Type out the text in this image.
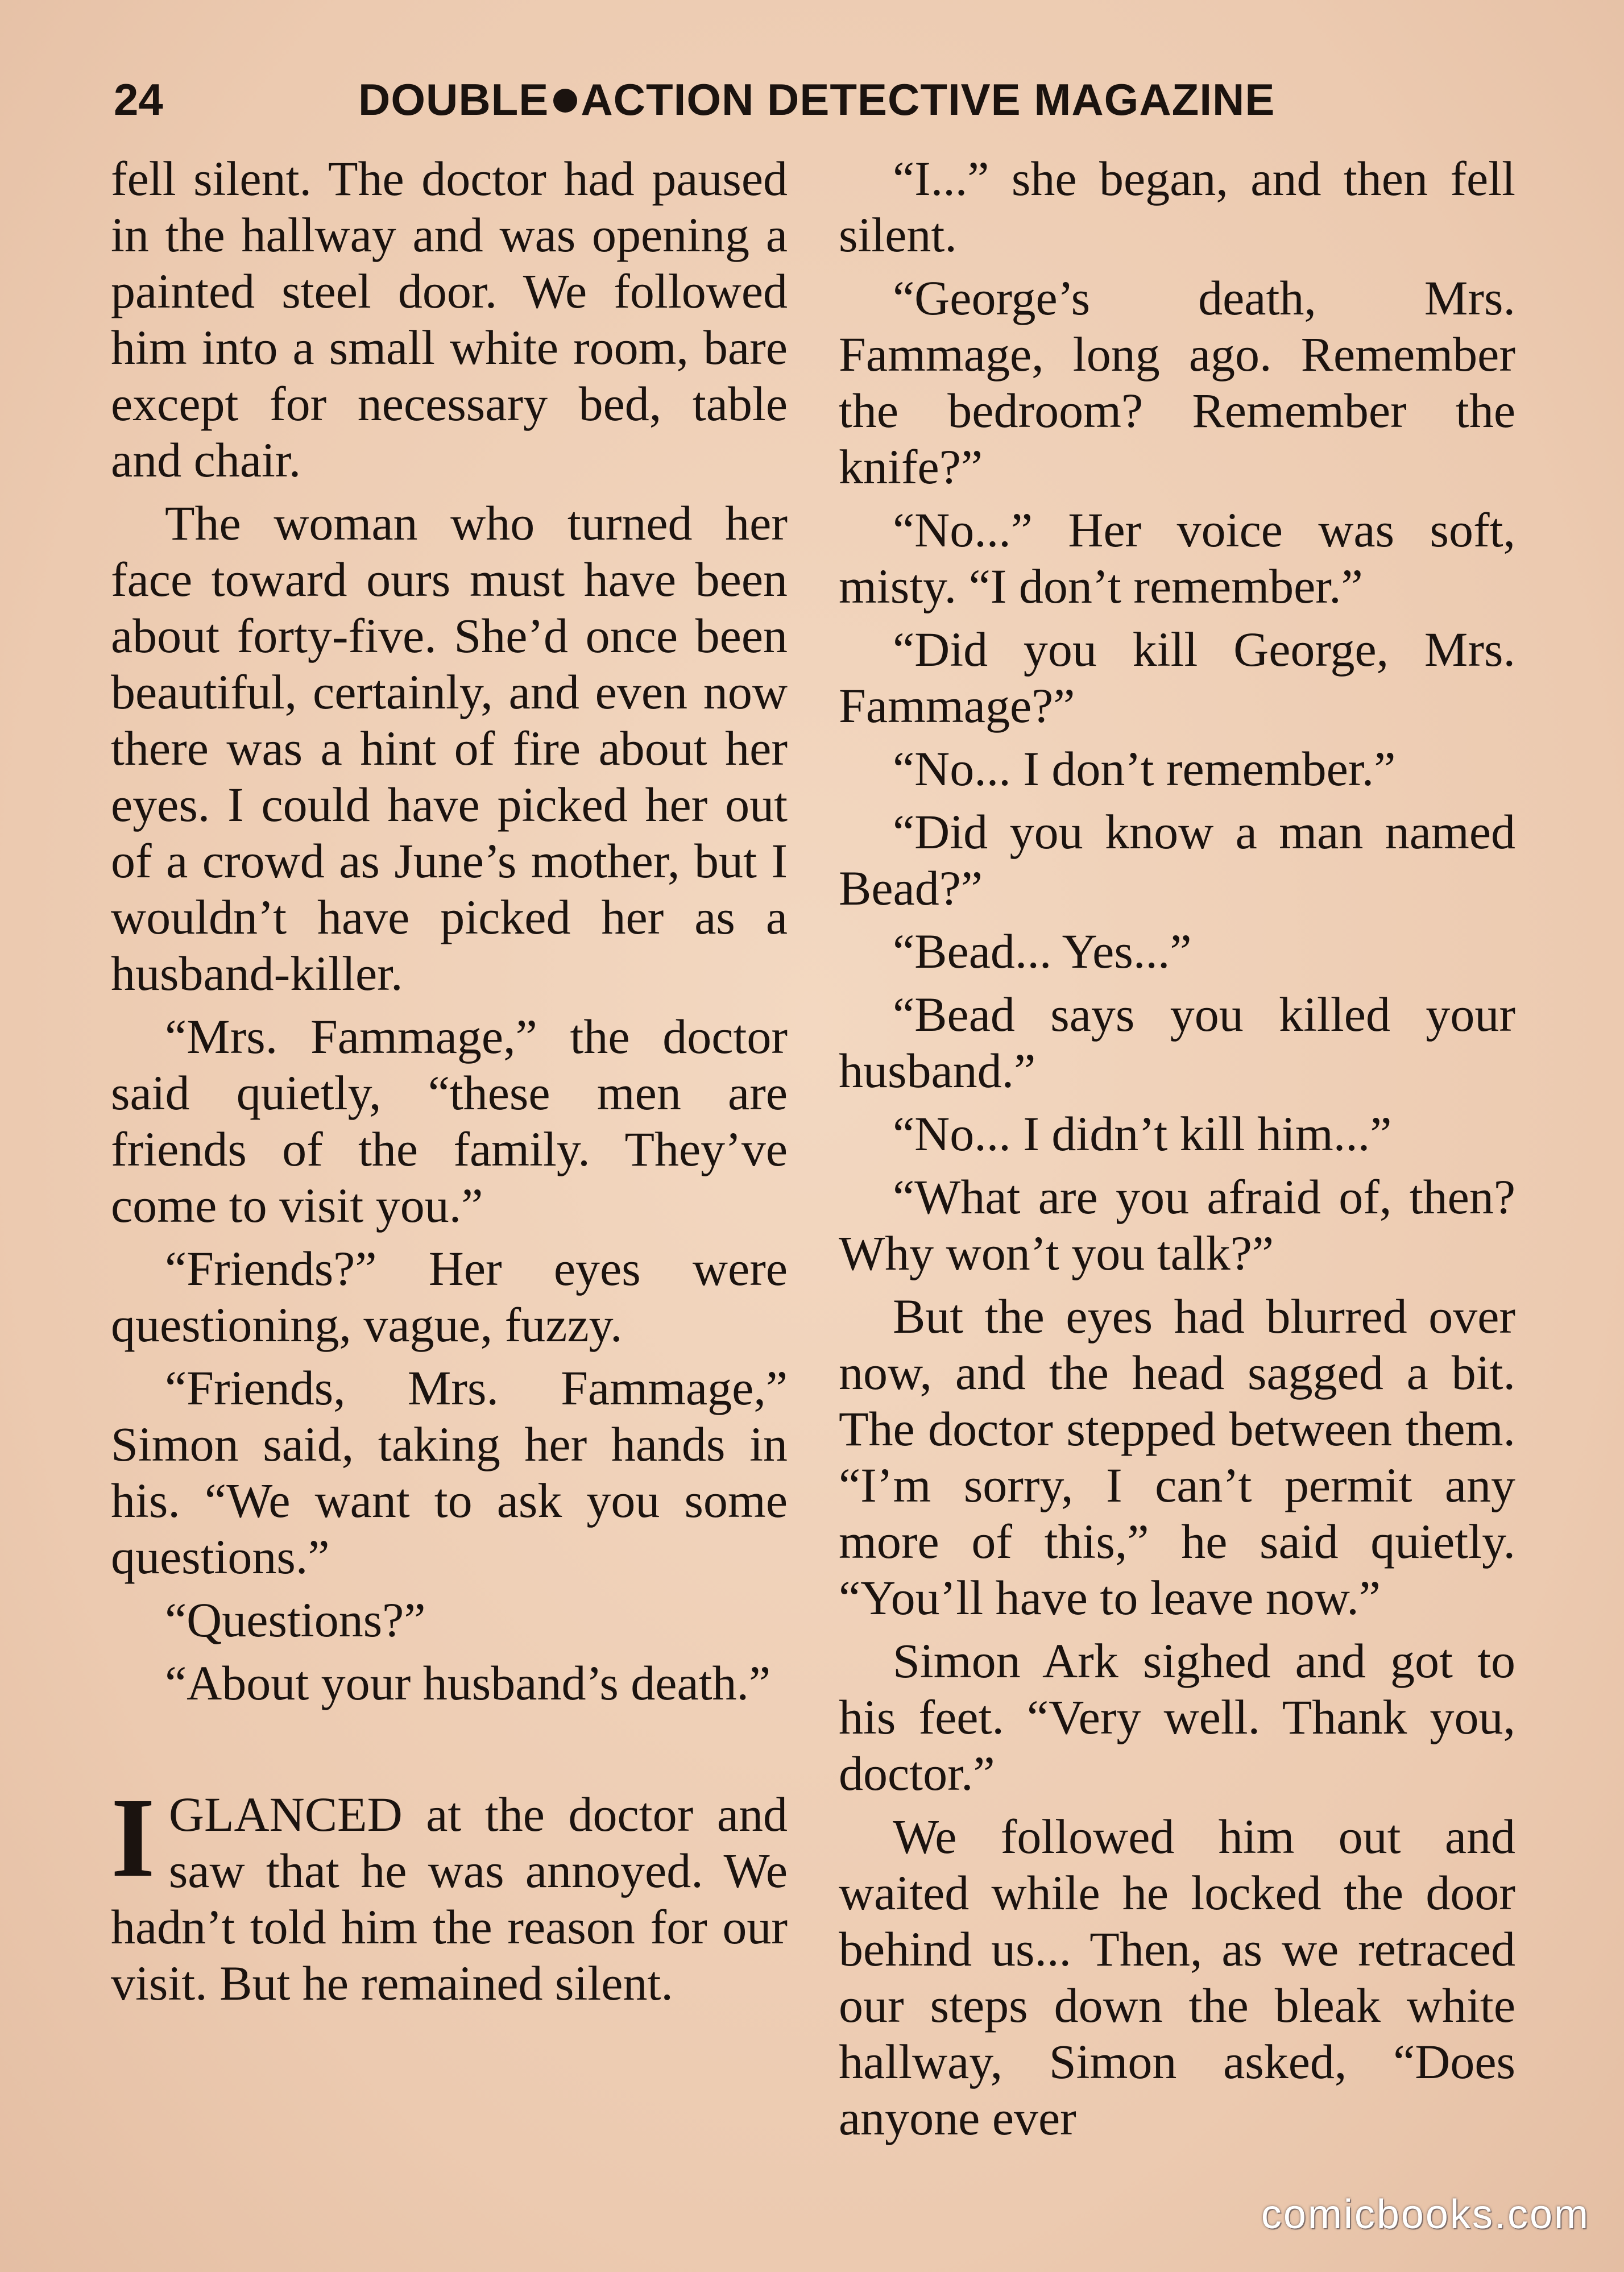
24	DOUBLE ACTION DETECTIVE MAGAZINE

fell silent. The doctor had paused in the hallway and was opening a painted steel door. We followed him into a small white room, bare except for necessary bed, table and chair.

The woman who turned her face toward ours must have been about forty-five. She’d once been beautiful, certainly, and even now there was a hint of fire about her eyes. I could have picked her out of a crowd as June’s mother, but I wouldn’t have picked her as a husband-killer.

“Mrs. Fammage,” the doctor said quietly, “these men are friends of the family. They’ve come to visit you.”

“Friends?” Her eyes were questioning, vague, fuzzy.

“Friends, Mrs. Fammage,” Simon said, taking her hands in his. “We want to ask you some questions.”

“Questions?”

“About your husband’s death.”

IGLANCED at the doctor and saw that he was annoyed. We hadn’t told him the reason for our visit. But he remained silent.

“I...” she began, and then fell silent.

“George’s death, Mrs. Fammage, long ago. Remember the bedroom? Remember the knife?”

“No...” Her voice was soft, misty. “I don’t remember.”

“Did you kill George, Mrs. Fammage?”

“No... I don’t remember.”

“Did you know a man named Bead?”

“Bead... Yes...”

“Bead says you killed your husband.”

“No... I didn’t kill him...”

“What are you afraid of, then? Why won’t you talk?”

But the eyes had blurred over now, and the head sagged a bit. The doctor stepped between them. “I’m sorry, I can’t permit any more of this,” he said quietly. “You’ll have to leave now.”

Simon Ark sighed and got to his feet. “Very well. Thank you, doctor.”

We followed him out and waited while he locked the door behind us... Then, as we retraced our steps down the bleak white hallway, Simon asked, “Does anyone ever

comicbooks.com
